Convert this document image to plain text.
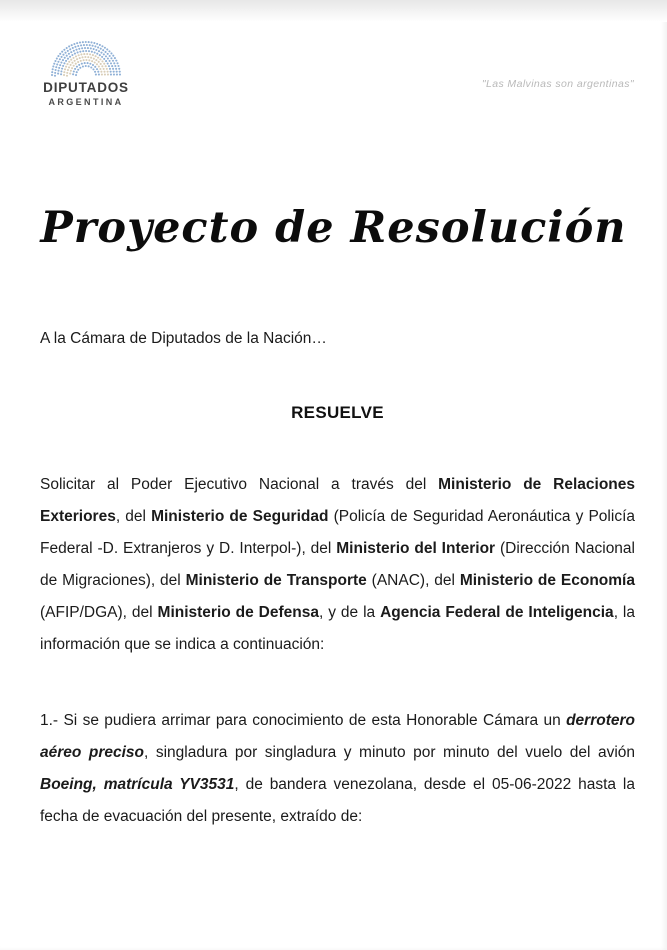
DIPUTADOS
ARGENTINA
"Las Malvinas son argentinas"
Proyecto de Resolución

A la Cámara de Diputados de la Nación…

RESUELVE

Solicitar al Poder Ejecutivo Nacional a través del Ministerio de Relaciones Exteriores, del Ministerio de Seguridad (Policía de Seguridad Aeronáutica y Policía Federal -D. Extranjeros y D. Interpol-), del Ministerio del Interior (Dirección Nacional de Migraciones), del Ministerio de Transporte (ANAC), del Ministerio de Economía (AFIP/DGA), del Ministerio de Defensa, y de la Agencia Federal de Inteligencia, la información que se indica a continuación:

1.- Si se pudiera arrimar para conocimiento de esta Honorable Cámara un derrotero aéreo preciso, singladura por singladura y minuto por minuto del vuelo del avión Boeing, matrícula YV3531, de bandera venezolana, desde el 05-06-2022 hasta la fecha de evacuación del presente, extraído de:
